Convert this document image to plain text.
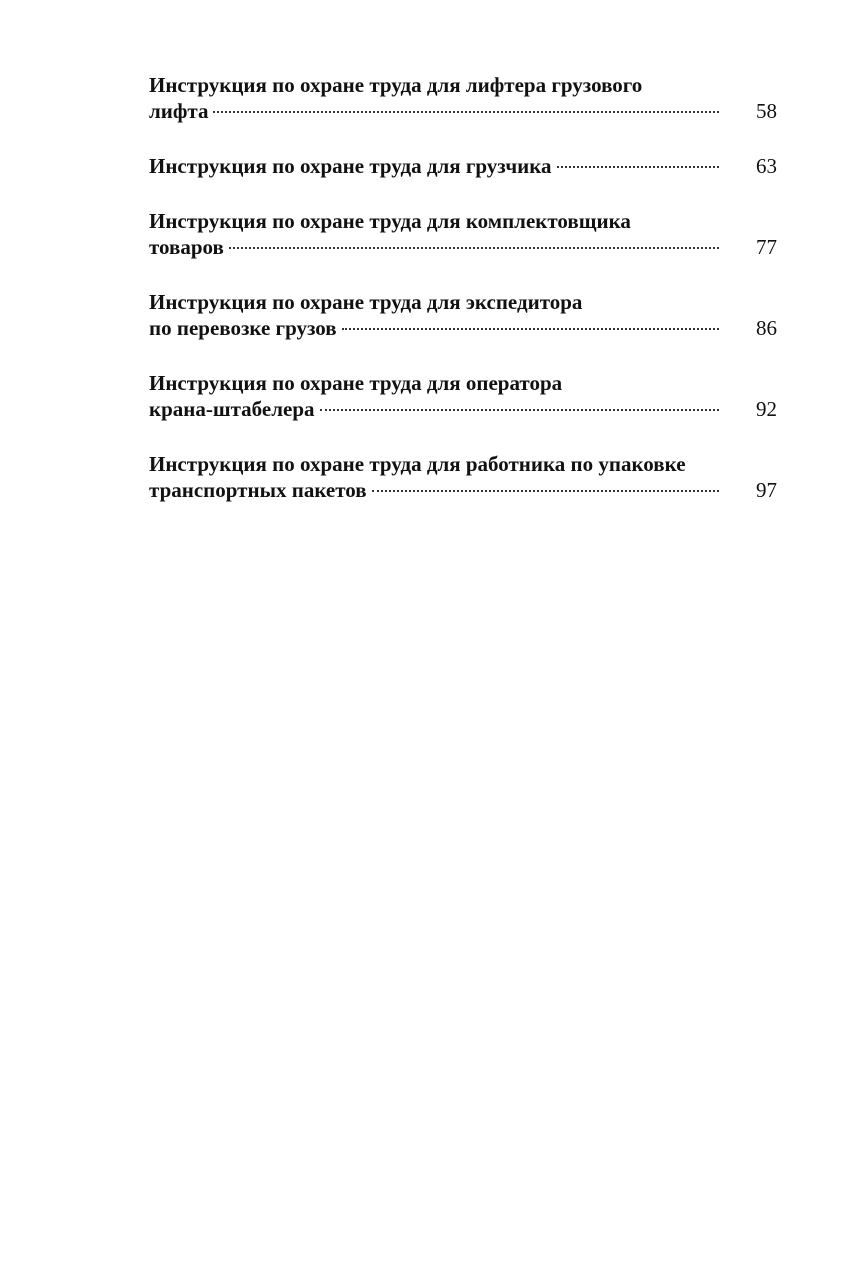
Инструкция по охране труда для лифтера грузового
лифта	58
Инструкция по охране труда для грузчика	63
Инструкция по охране труда для комплектовщика
товаров	77
Инструкция по охране труда для экспедитора
по перевозке грузов	86
Инструкция по охране труда для оператора
крана-штабелера	92
Инструкция по охране труда для работника по упаковке
транспортных пакетов	97
